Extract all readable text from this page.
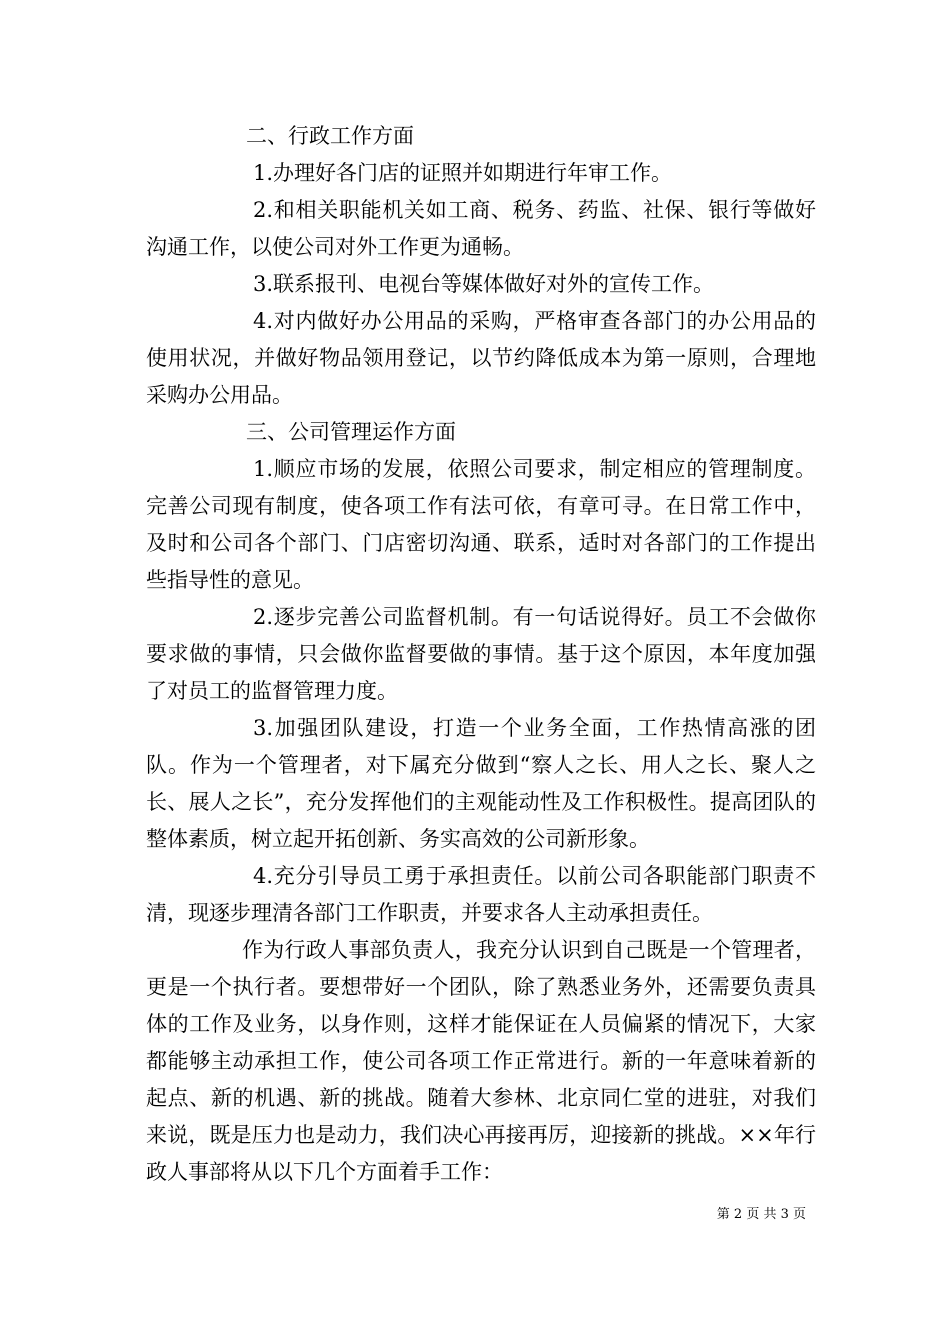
二、行政工作方面

1.办理好各门店的证照并如期进行年审工作。

2.和相关职能机关如工商、税务、药监、社保、银行等做好沟通工作，以使公司对外工作更为通畅。

3.联系报刊、电视台等媒体做好对外的宣传工作。

4.对内做好办公用品的采购，严格审查各部门的办公用品的使用状况，并做好物品领用登记，以节约降低成本为第一原则，合理地采购办公用品。

三、公司管理运作方面

1.顺应市场的发展，依照公司要求，制定相应的管理制度。完善公司现有制度，使各项工作有法可依，有章可寻。在日常工作中，及时和公司各个部门、门店密切沟通、联系，适时对各部门的工作提出些指导性的意见。

2.逐步完善公司监督机制。有一句话说得好。员工不会做你要求做的事情，只会做你监督要做的事情。基于这个原因，本年度加强了对员工的监督管理力度。

3.加强团队建设，打造一个业务全面，工作热情高涨的团队。作为一个管理者，对下属充分做到“察人之长、用人之长、聚人之长、展人之长”，充分发挥他们的主观能动性及工作积极性。提高团队的整体素质，树立起开拓创新、务实高效的公司新形象。

4.充分引导员工勇于承担责任。以前公司各职能部门职责不清，现逐步理清各部门工作职责，并要求各人主动承担责任。

作为行政人事部负责人，我充分认识到自己既是一个管理者，更是一个执行者。要想带好一个团队，除了熟悉业务外，还需要负责具体的工作及业务，以身作则，这样才能保证在人员偏紧的情况下，大家都能够主动承担工作，使公司各项工作正常进行。新的一年意味着新的起点、新的机遇、新的挑战。随着大参林、北京同仁堂的进驻，对我们来说，既是压力也是动力，我们决心再接再厉，迎接新的挑战。××年行政人事部将从以下几个方面着手工作：

第 2 页 共 3 页
